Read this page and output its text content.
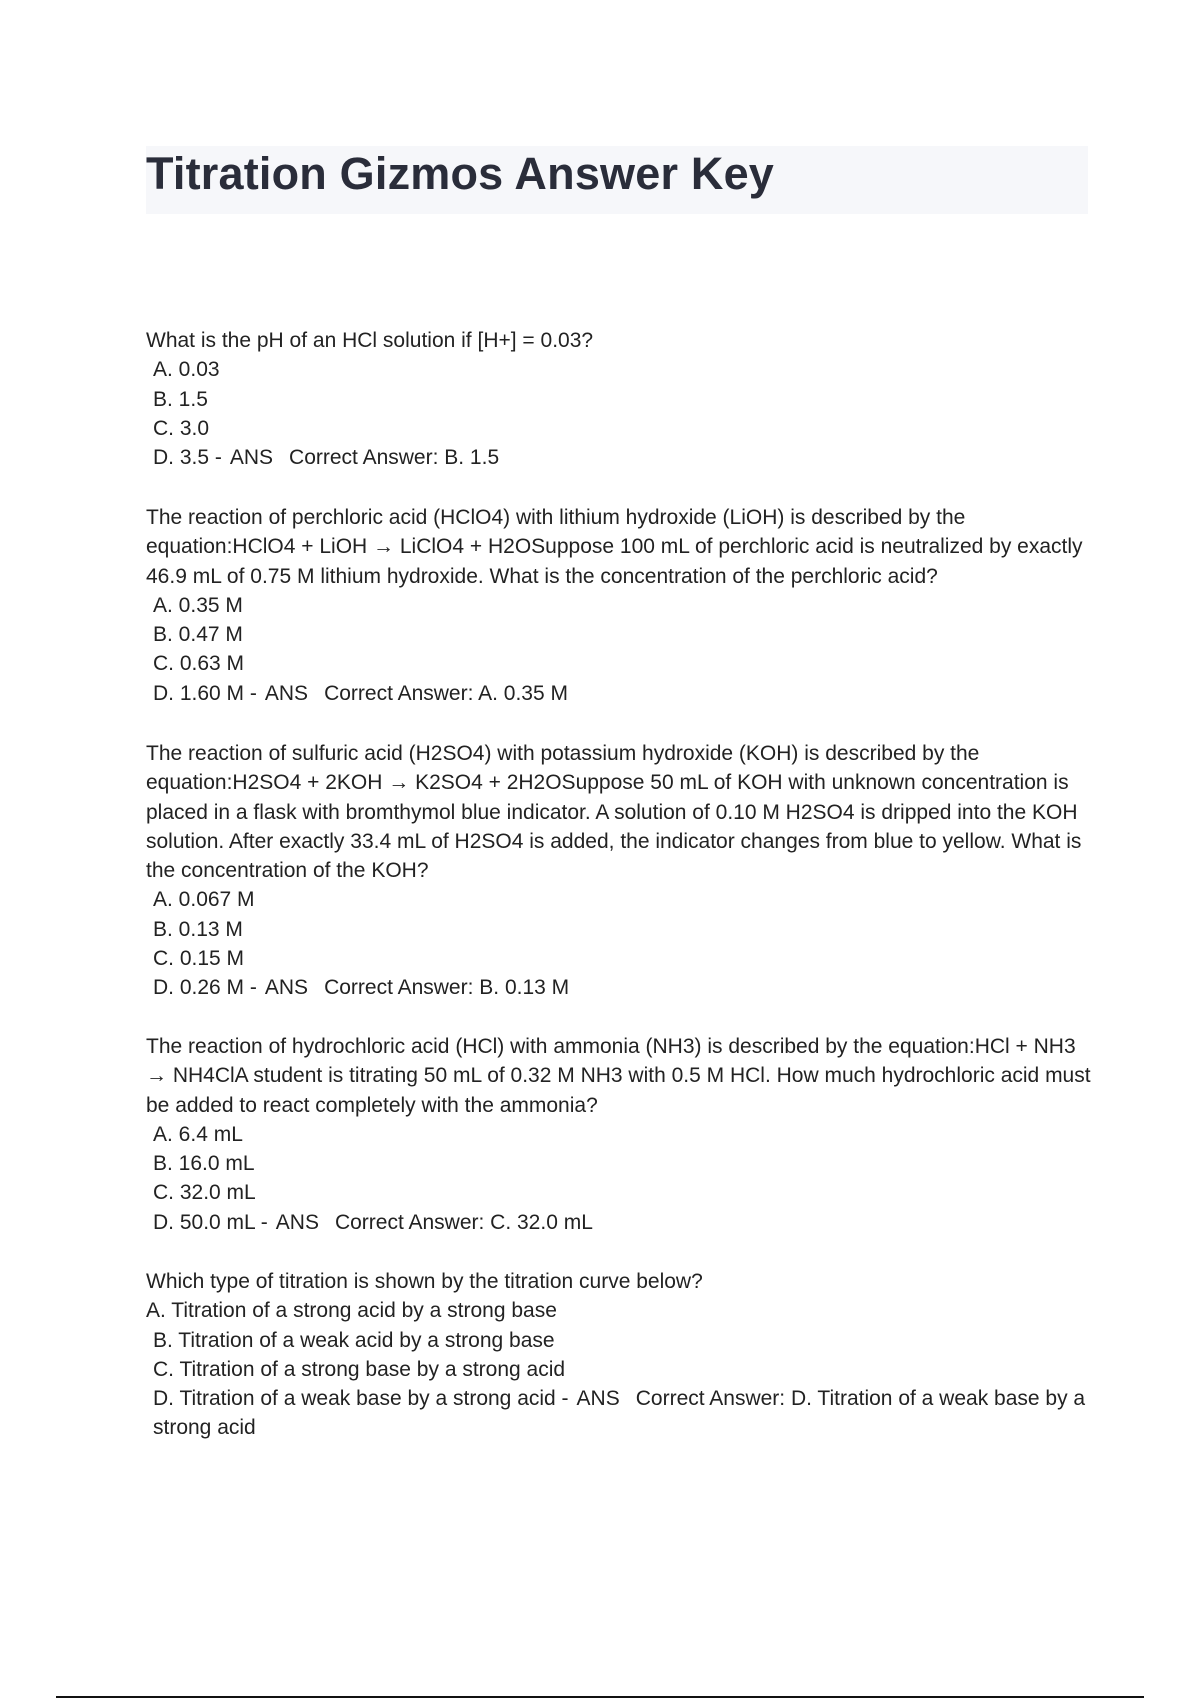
Titration Gizmos Answer Key

What is the pH of an HCl solution if [H+] = 0.03?

A. 0.03

B. 1.5

C. 3.0

D. 3.5 - ANS Correct Answer: B. 1.5

The reaction of perchloric acid (HClO4) with lithium hydroxide (LiOH) is described by the equation:HClO4 + LiOH → LiClO4 + H2OSuppose 100 mL of perchloric acid is neutralized by exactly 46.9 mL of 0.75 M lithium hydroxide. What is the concentration of the perchloric acid?

A. 0.35 M

B. 0.47 M

C. 0.63 M

D. 1.60 M - ANS Correct Answer: A. 0.35 M

The reaction of sulfuric acid (H2SO4) with potassium hydroxide (KOH) is described by the equation:H2SO4 + 2KOH → K2SO4 + 2H2OSuppose 50 mL of KOH with unknown concentration is placed in a flask with bromthymol blue indicator. A solution of 0.10 M H2SO4 is dripped into the KOH solution. After exactly 33.4 mL of H2SO4 is added, the indicator changes from blue to yellow. What is the concentration of the KOH?

A. 0.067 M

B. 0.13 M

C. 0.15 M

D. 0.26 M - ANS Correct Answer: B. 0.13 M

The reaction of hydrochloric acid (HCl) with ammonia (NH3) is described by the equation:HCl + NH3 → NH4ClA student is titrating 50 mL of 0.32 M NH3 with 0.5 M HCl. How much hydrochloric acid must be added to react completely with the ammonia?

A. 6.4 mL

B. 16.0 mL

C. 32.0 mL

D. 50.0 mL - ANS Correct Answer: C. 32.0 mL

Which type of titration is shown by the titration curve below?

A. Titration of a strong acid by a strong base

B. Titration of a weak acid by a strong base

C. Titration of a strong base by a strong acid

D. Titration of a weak base by a strong acid - ANS Correct Answer: D. Titration of a weak base by a strong acid
